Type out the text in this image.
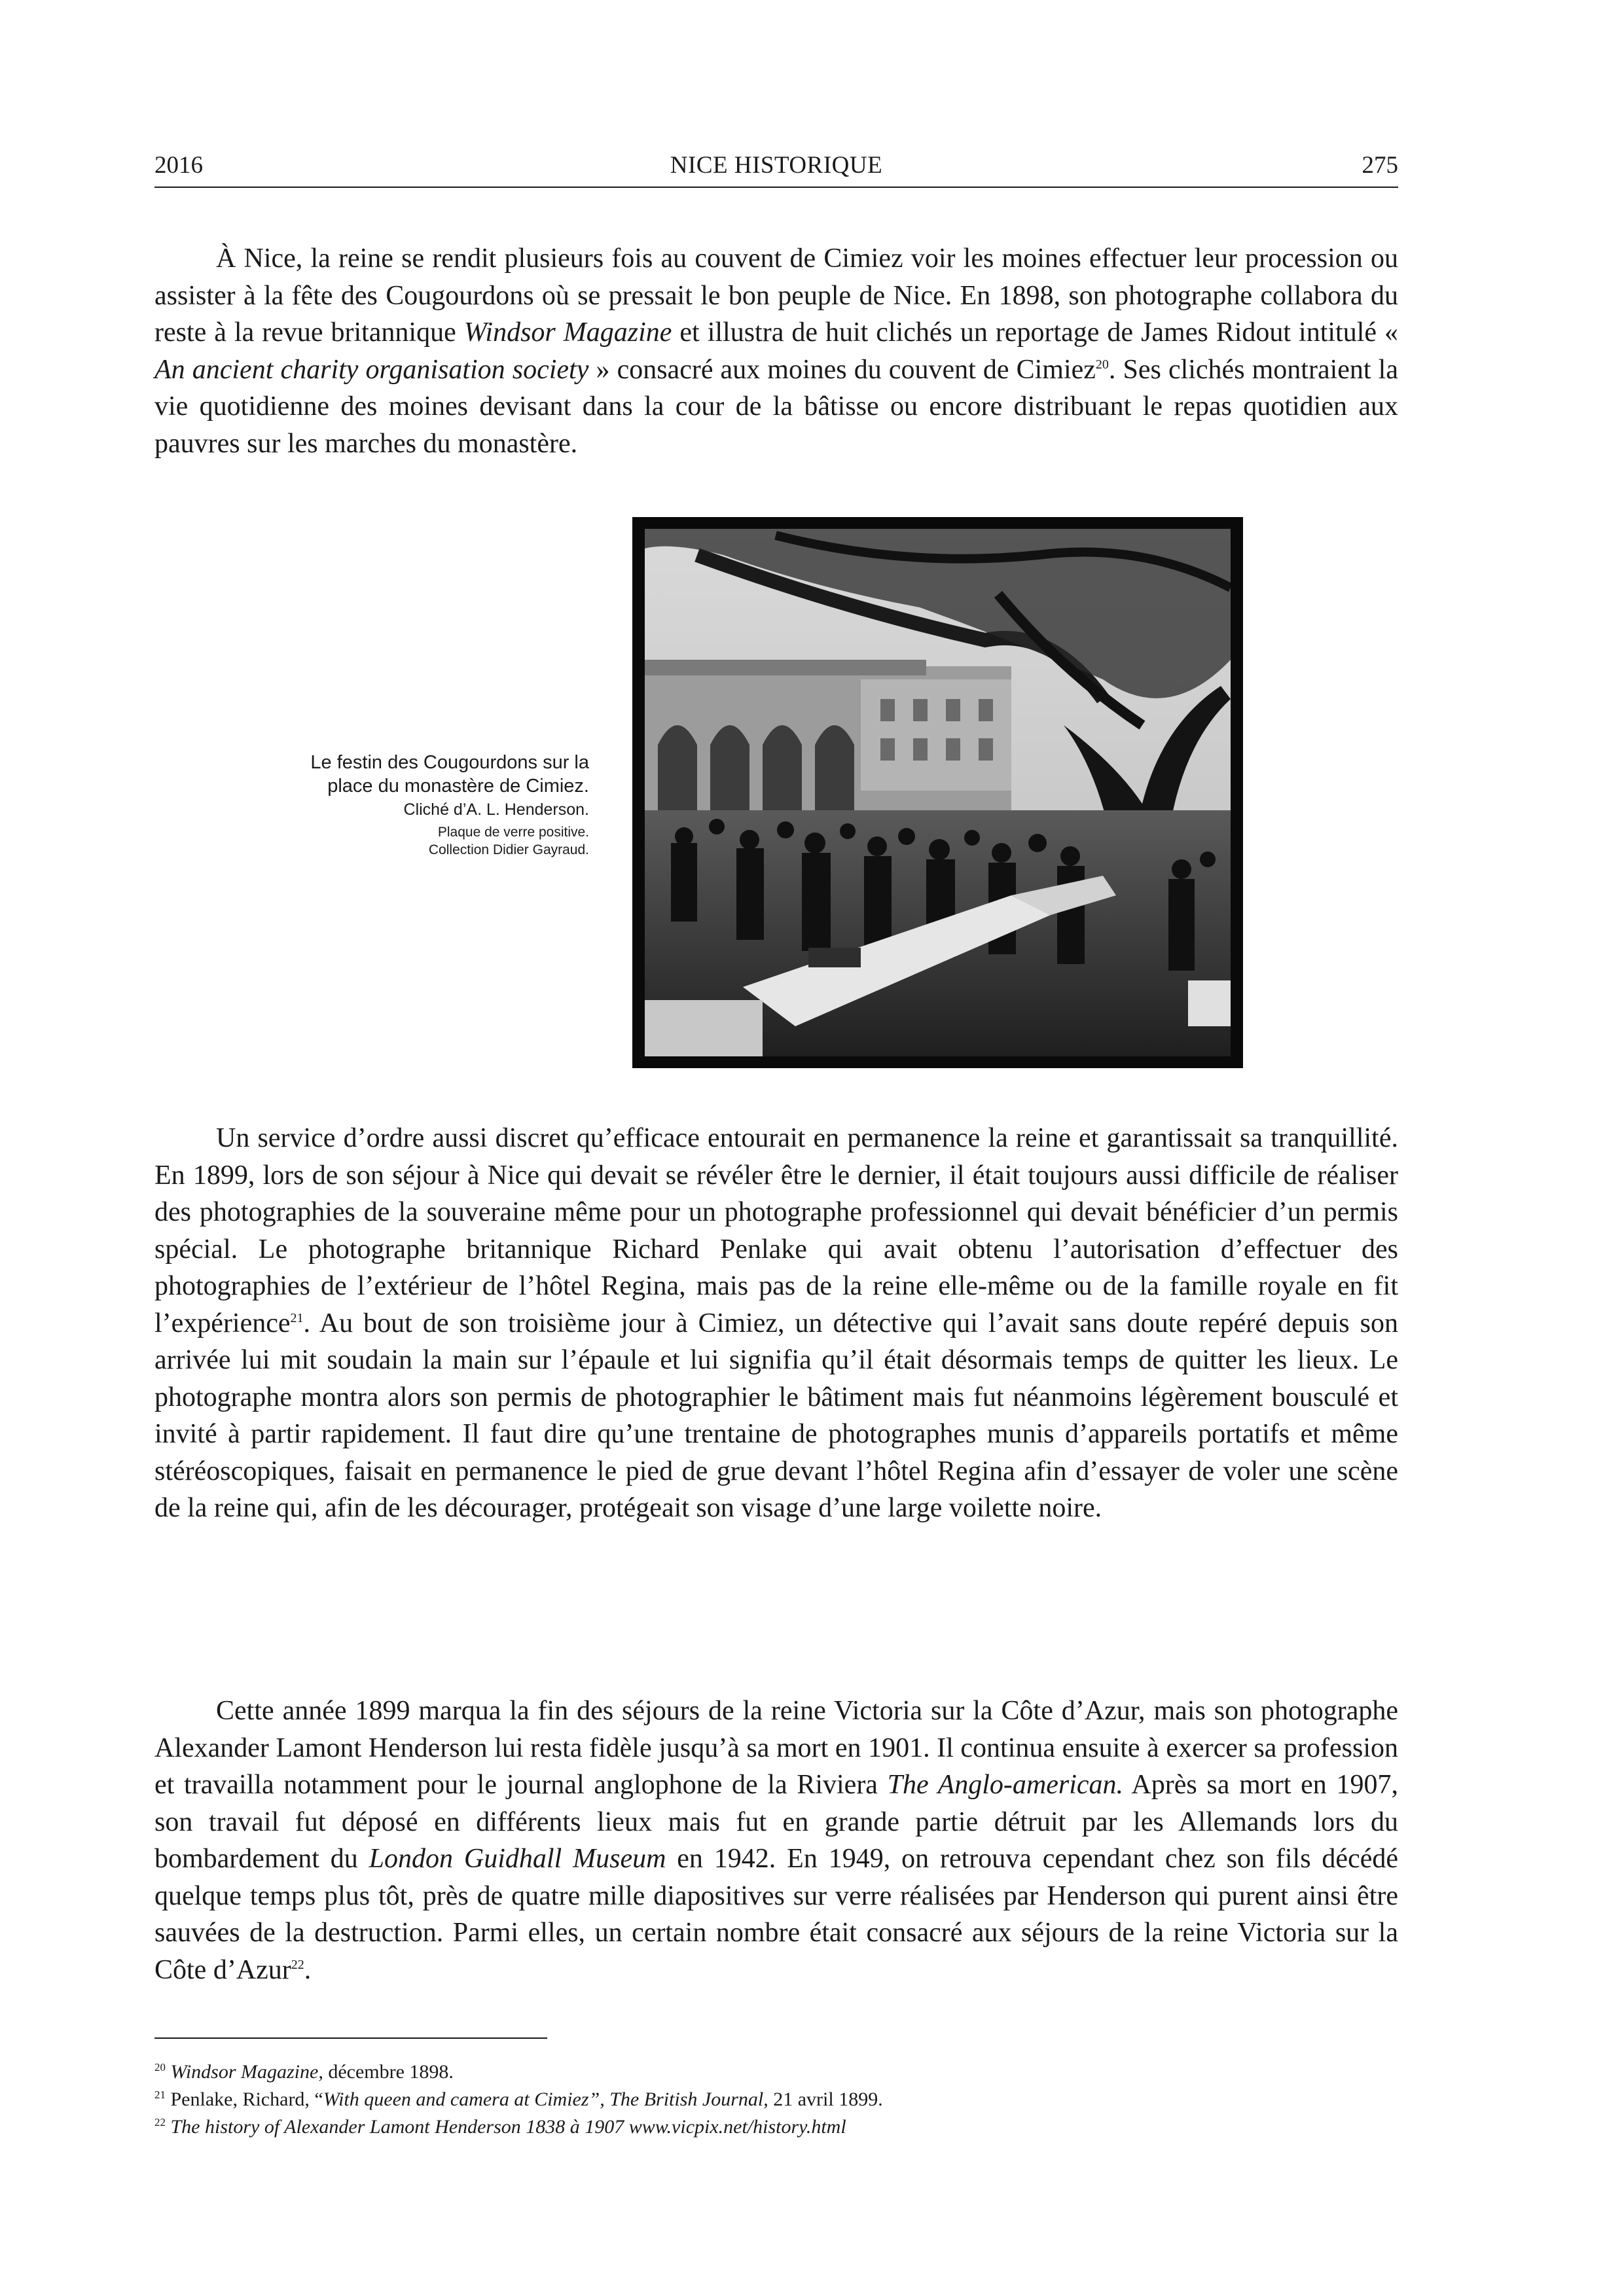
2016	NICE HISTORIQUE	275

À Nice, la reine se rendit plusieurs fois au couvent de Cimiez voir les moines effectuer leur procession ou assister à la fête des Cougourdons où se pressait le bon peuple de Nice. En 1898, son photographe collabora du reste à la revue britannique Windsor Magazine et illustra de huit clichés un reportage de James Ridout intitulé « An ancient charity organisation society » consacré aux moines du couvent de Cimiez$^{20}$. Ses clichés montraient la vie quotidienne des moines devisant dans la cour de la bâtisse ou encore distribuant le repas quotidien aux pauvres sur les marches du monastère.

Le festin des Cougourdons sur la
place du monastère de Cimiez.
Cliché d’A. L. Henderson.
Plaque de verre positive.
Collection Didier Gayraud.

Un service d’ordre aussi discret qu’efficace entourait en permanence la reine et garantissait sa tranquillité. En 1899, lors de son séjour à Nice qui devait se révéler être le dernier, il était toujours aussi difficile de réaliser des photographies de la souveraine même pour un photographe professionnel qui devait bénéficier d’un permis spécial. Le photographe britannique Richard Penlake qui avait obtenu l’autorisation d’effectuer des photographies de l’extérieur de l’hôtel Regina, mais pas de la reine elle-même ou de la famille royale en fit l’expérience$^{21}$. Au bout de son troisième jour à Cimiez, un détective qui l’avait sans doute repéré depuis son arrivée lui mit soudain la main sur l’épaule et lui signifia qu’il était désormais temps de quitter les lieux. Le photographe montra alors son permis de photographier le bâtiment mais fut néanmoins légèrement bousculé et invité à partir rapidement. Il faut dire qu’une trentaine de photographes munis d’appareils portatifs et même stéréoscopiques, faisait en permanence le pied de grue devant l’hôtel Regina afin d’essayer de voler une scène de la reine qui, afin de les décourager, protégeait son visage d’une large voilette noire.

Cette année 1899 marqua la fin des séjours de la reine Victoria sur la Côte d’Azur, mais son photographe Alexander Lamont Henderson lui resta fidèle jusqu’à sa mort en 1901. Il continua ensuite à exercer sa profession et travailla notamment pour le journal anglophone de la Riviera The Anglo-american. Après sa mort en 1907, son travail fut déposé en différents lieux mais fut en grande partie détruit par les Allemands lors du bombardement du London Guidhall Museum en 1942. En 1949, on retrouva cependant chez son fils décédé quelque temps plus tôt, près de quatre mille diapositives sur verre réalisées par Henderson qui purent ainsi être sauvées de la destruction. Parmi elles, un certain nombre était consacré aux séjours de la reine Victoria sur la Côte d’Azur$^{22}$.

$^{20}$ Windsor Magazine, décembre 1898.

$^{21}$ Penlake, Richard, “With queen and camera at Cimiez”, The British Journal, 21 avril 1899.

$^{22}$ The history of Alexander Lamont Henderson 1838 à 1907 www.vicpix.net/history.html
